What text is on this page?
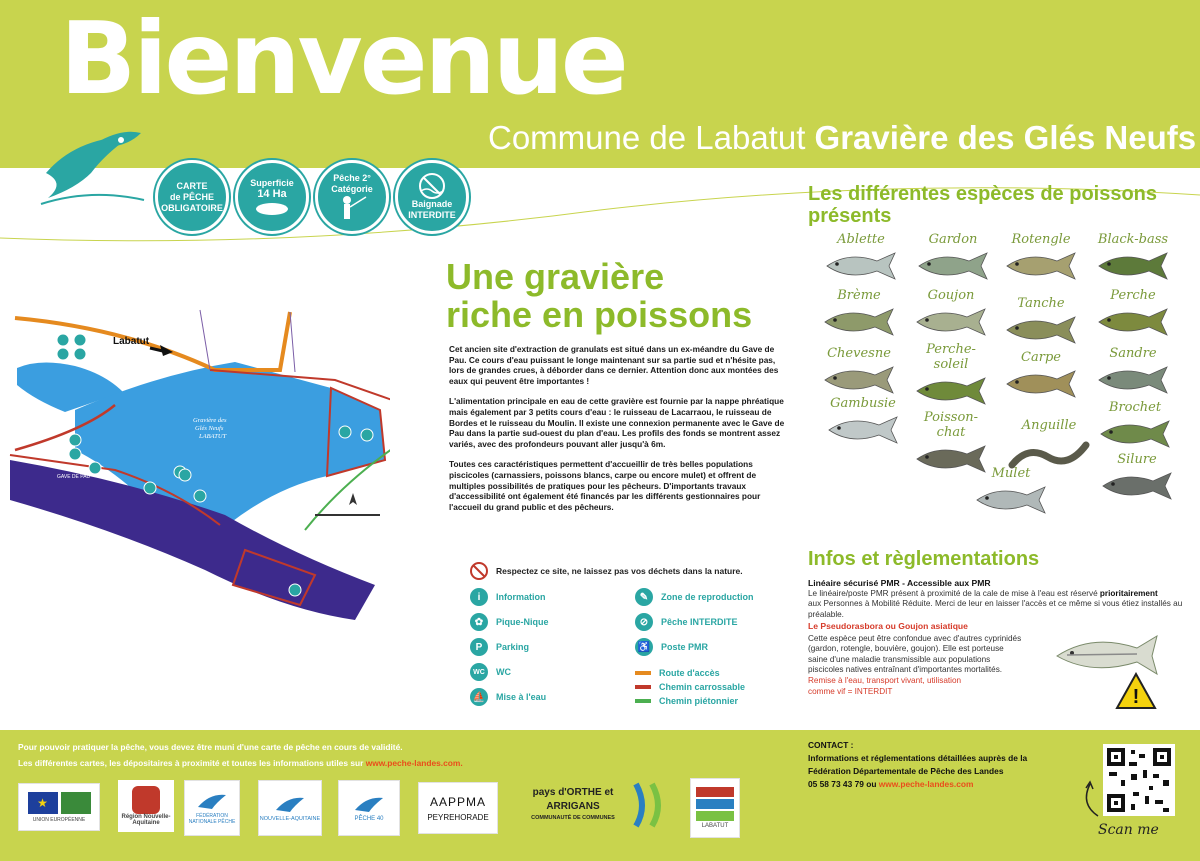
Bienvenue
Commune de Labatut Gravière des Glés Neufs
CARTE
de PÊCHE
OBLIGATOIRE
Superficie
14 Ha
Pêche 2°
Catégorie
Baignade
INTERDITE
Labatut
Gravière des
Glés Neufs
LABATUT
GAVE DE PAU
Une gravière
riche en poissons

Cet ancien site d'extraction de granulats est situé dans un ex-méandre du Gave de Pau. Ce cours d'eau puissant le longe maintenant sur sa partie sud et n'hésite pas, lors de grandes crues, à déborder dans ce dernier. Attention donc aux montées des eaux qui peuvent être importantes !

L'alimentation principale en eau de cette gravière est fournie par la nappe phréatique mais également par 3 petits cours d'eau : le ruisseau de Lacarraou, le ruisseau de Bordes et le ruisseau du Moulin. Il existe une connexion permanente avec le Gave de Pau dans la partie sud-ouest du plan d'eau. Les profils des fonds se montrent assez variés, avec des profondeurs pouvant aller jusqu'à 6m.

Toutes ces caractéristiques permettent d'accueillir de très belles populations piscicoles (carnassiers, poissons blancs, carpe ou encore mulet) et offrent de multiples possibilités de pratiques pour les pêcheurs. D'importants travaux d'accessibilité ont également été financés par les différents gestionnaires pour l'accueil du grand public et des pêcheurs.

Les différentes espèces de poissons présents
Ablette	Gardon	Rotengle	Black-bass
Brème	Goujon
Tanche
Perche
Chevesne	Perche-soleil	Carpe	Sandre
Gambusie
Poisson-chat	Anguille
Brochet
Mulet
Silure
Respectez ce site, ne laissez pas vos déchets dans la nature.
i	Information
✿	Pique-Nique
P	Parking
WC	WC
⛵	Mise à l'eau
✎	Zone de reproduction
⊘	Pêche INTERDITE
♿	Poste PMR
Route d'accès
Chemin carrossable
Chemin piétonnier
Infos et règlementations
Linéaire sécurisé PMR - Accessible aux PMR
Le linéaire/poste PMR présent à proximité de la cale de mise à l'eau est réservé prioritairement
aux Personnes à Mobilité Réduite. Merci de leur en laisser l'accès et ce même si vous étiez installés au préalable.
Le Pseudorasbora ou Goujon asiatique
Cette espèce peut être confondue avec d'autres cyprinidés
(gardon, rotengle, bouvière, goujon). Elle est porteuse
saine d'une maladie transmissible aux populations
piscicoles natives entraînant d'importantes mortalités.
Remise à l'eau, transport vivant, utilisation
comme vif = INTERDIT	!
Pour pouvoir pratiquer la pêche, vous devez être muni d'une carte de pêche en cours de validité.
Les différentes cartes, les dépositaires à proximité et toutes les informations utiles sur www.peche-landes.com.
CONTACT :
Informations et réglementations détaillées auprès de la
Fédération Départementale de Pêche des Landes
05 58 73 43 79 ou www.peche-landes.com
Scan me
★
UNION EUROPÉENNE	Région Nouvelle-Aquitaine
FÉDÉRATION NATIONALE PÊCHE	NOUVELLE-AQUITAINE	PÊCHE 40
AAPPMA
PEYREHORADE
pays d'ORTHE et ARRIGANS
COMMUNAUTÉ DE COMMUNES
LABATUT
